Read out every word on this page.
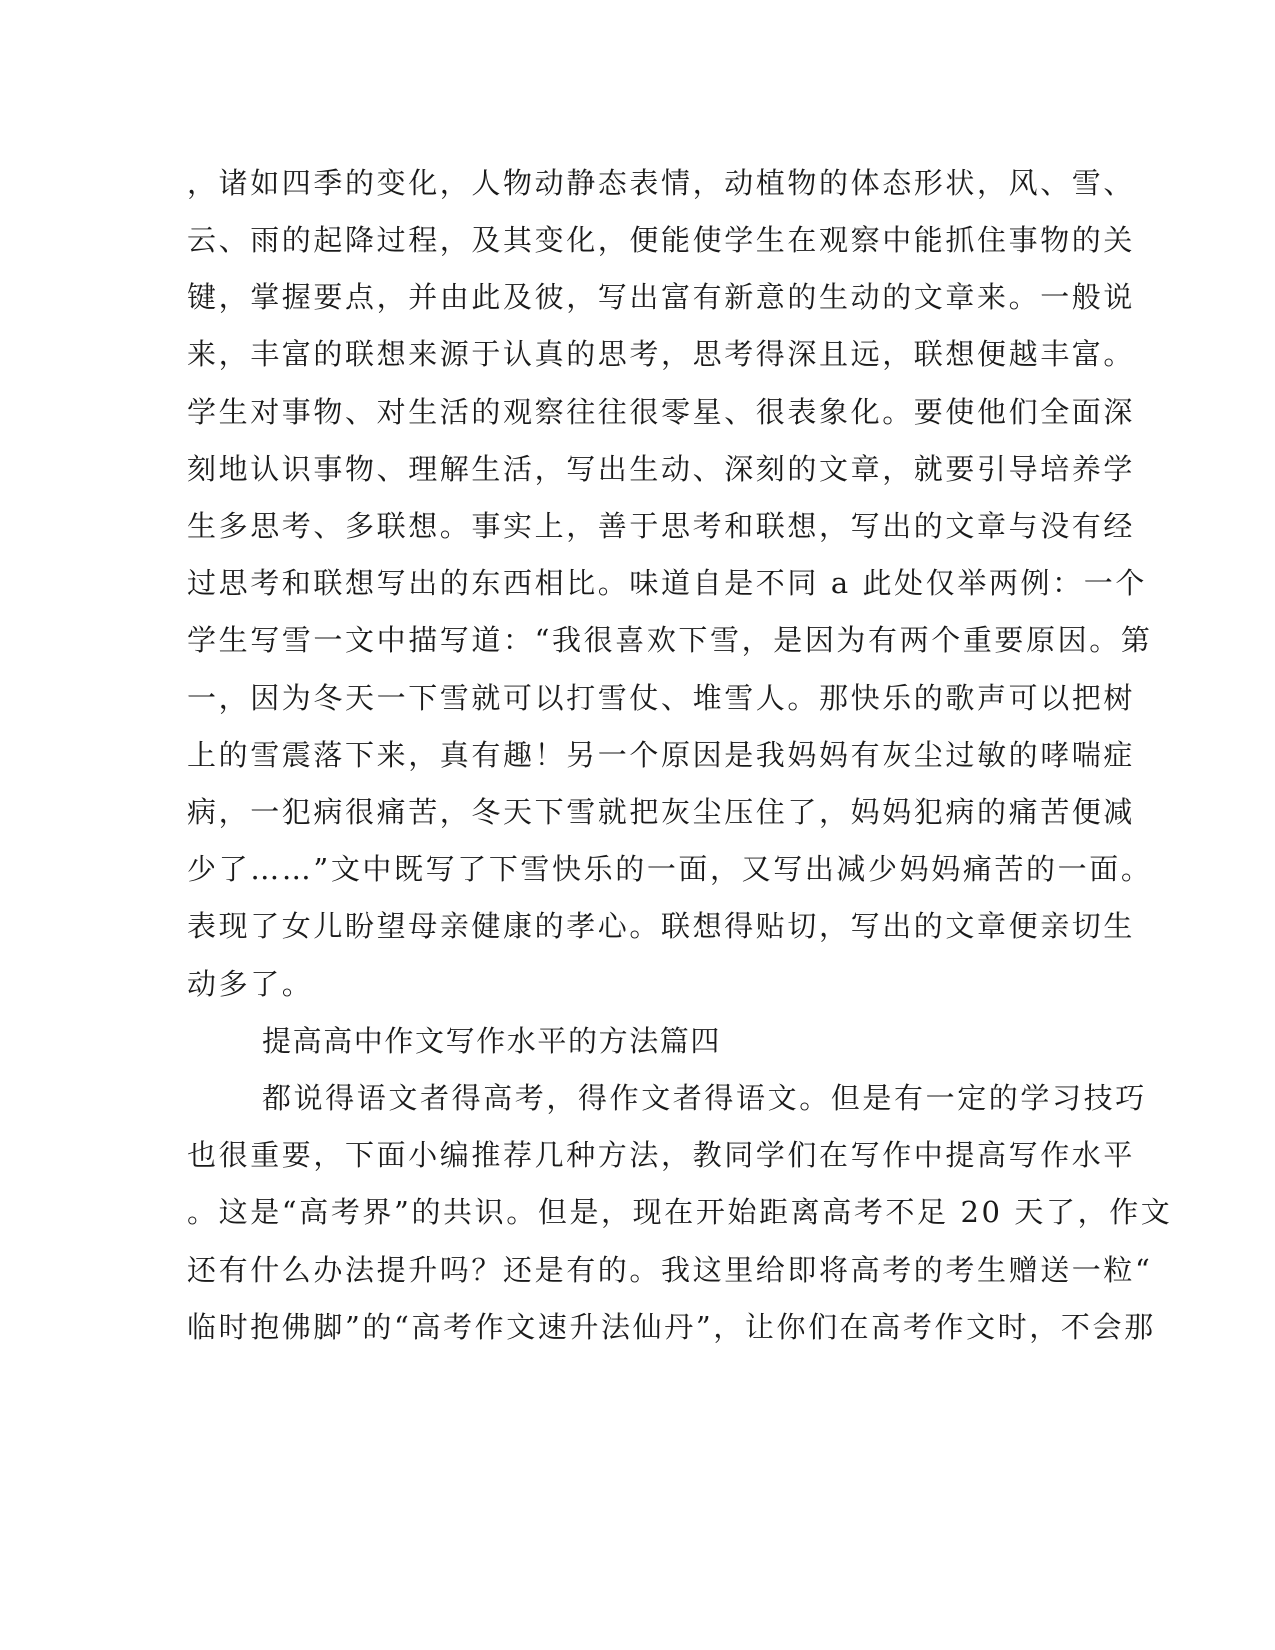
，诸如四季的变化，人物动静态表情，动植物的体态形状，风、雪、
云、雨的起降过程，及其变化，便能使学生在观察中能抓住事物的关
键，掌握要点，并由此及彼，写出富有新意的生动的文章来。一般说
来，丰富的联想来源于认真的思考，思考得深且远，联想便越丰富。
学生对事物、对生活的观察往往很零星、很表象化。要使他们全面深
刻地认识事物、理解生活，写出生动、深刻的文章，就要引导培养学
生多思考、多联想。事实上，善于思考和联想，写出的文章与没有经
过思考和联想写出的东西相比。味道自是不同 a 此处仅举两例：一个
学生写雪一文中描写道：“我很喜欢下雪，是因为有两个重要原因。第
一，因为冬天一下雪就可以打雪仗、堆雪人。那快乐的歌声可以把树
上的雪震落下来，真有趣！另一个原因是我妈妈有灰尘过敏的哮喘症
病，一犯病很痛苦，冬天下雪就把灰尘压住了，妈妈犯病的痛苦便减
少了……”文中既写了下雪快乐的一面，又写出减少妈妈痛苦的一面。
表现了女儿盼望母亲健康的孝心。联想得贴切，写出的文章便亲切生
动多了。
提高高中作文写作水平的方法篇四
都说得语文者得高考，得作文者得语文。但是有一定的学习技巧
也很重要，下面小编推荐几种方法，教同学们在写作中提高写作水平
。这是“高考界”的共识。但是，现在开始距离高考不足 20 天了，作文
还有什么办法提升吗？还是有的。我这里给即将高考的考生赠送一粒“
临时抱佛脚”的“高考作文速升法仙丹”，让你们在高考作文时，不会那
